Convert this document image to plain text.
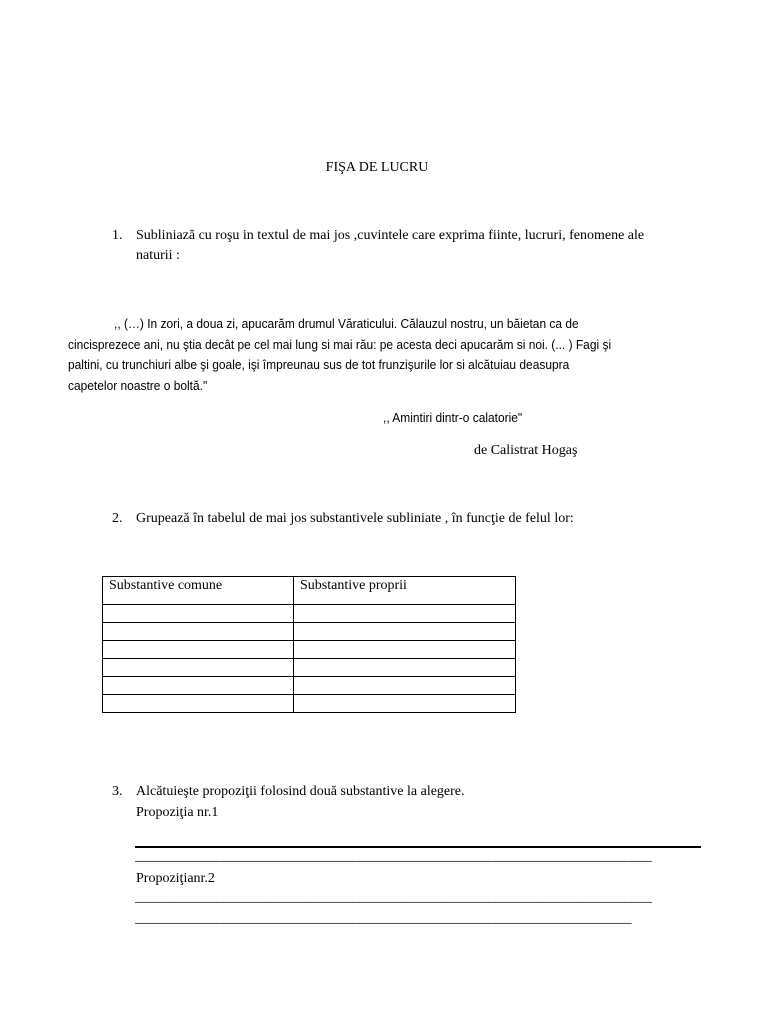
FIŞA DE LUCRU
1. Subliniază cu roşu in textul de mai jos ,cuvintele care exprima fiinte, lucruri, fenomene ale
naturii :
,, (…) In zori, a doua zi, apucarăm drumul Văraticului. Călauzul nostru, un băietan ca de
cincisprezece ani, nu ştia decât pe cel mai lung si mai rău: pe acesta deci apucarăm si noi. (... ) Fagi şi
paltini, cu trunchiuri albe şi goale, işi împreunau sus de tot frunzişurile lor si alcătuiau deasupra
capetelor noastre o boltă."
,, Amintiri dintr-o calatorie"
de Calistrat Hogaş
2. Grupează în tabelul de mai jos substantivele subliniate , în funcţie de felul lor:
Substantive comune	Substantive proprii

3. Alcătuieşte propoziţii folosind două substantive la alegere.
Propoziţia nr.1
____________________________________________________________________________
Propoziţianr.2
____________________________________________________________________________
_________________________________________________________________________
